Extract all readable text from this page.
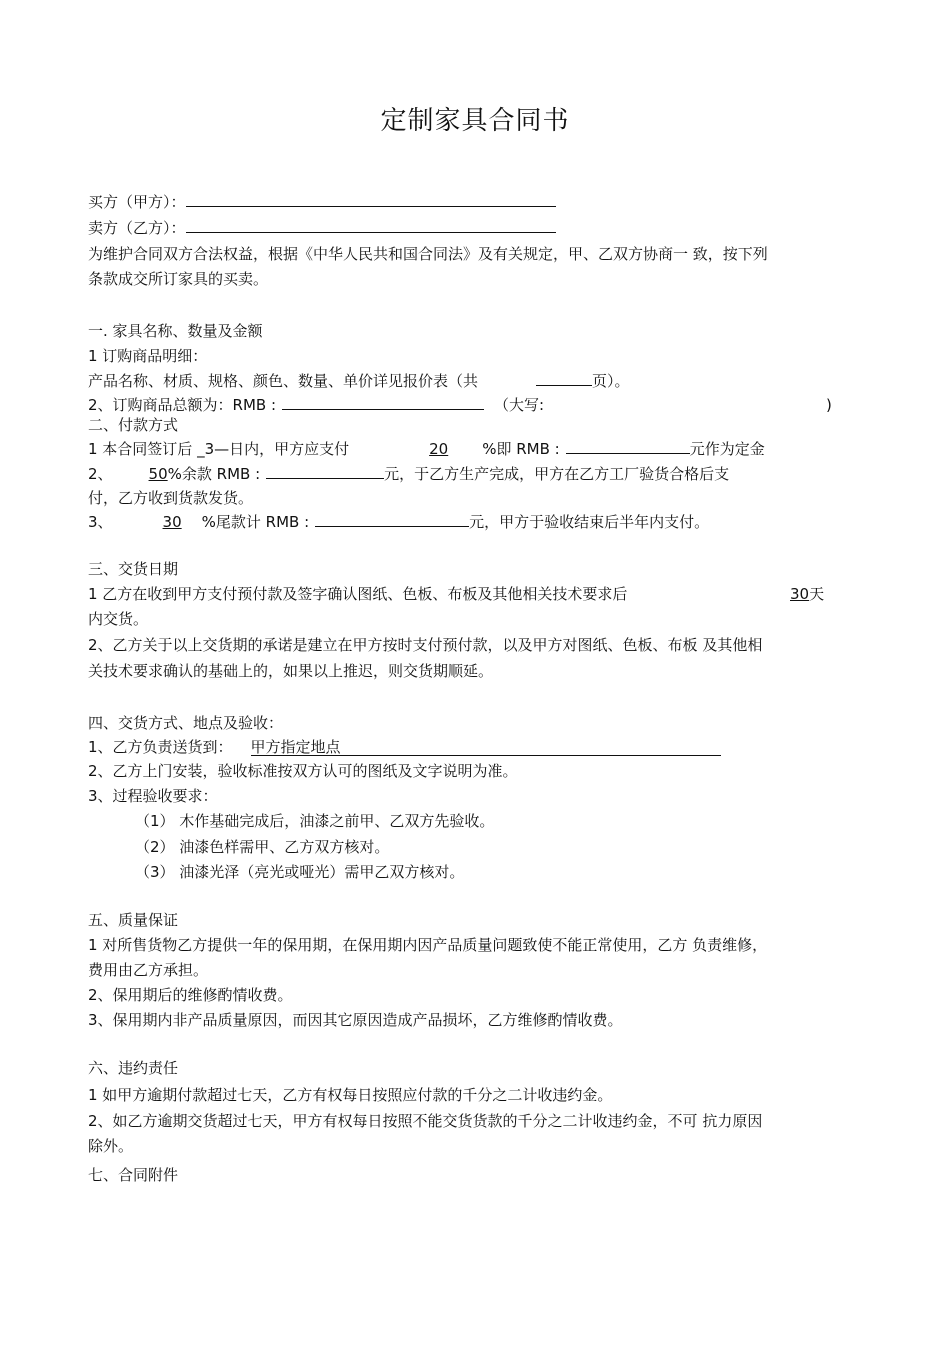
定制家具合同书
买方（甲方）：
卖方（乙方）：
为维护合同双方合法权益，根据《中华人民共和国合同法》及有关规定，甲、乙双方协商一 致，按下列
条款成交所订家具的买卖。
一. 家具名称、数量及金额
1 订购商品明细：
产品名称、材质、规格、颜色、数量、单价详见报价表（共	页）。
2、订购商品总额为：RMB :	（大写:	)
二、付款方式
1 本合同签订后 _3—日内，甲方应支付	20 %即 RMB :	元作为定金
2、 50%余款 RMB :	元，于乙方生产完成，甲方在乙方工厂验货合格后支
付，乙方收到货款发货。
3、	30 %尾款计 RMB :	元，甲方于验收结束后半年内支付。
三、交货日期
1 乙方在收到甲方支付预付款及签字确认图纸、色板、布板及其他相关技术要求后	30天
内交货。
2、乙方关于以上交货期的承诺是建立在甲方按时支付预付款，以及甲方对图纸、色板、布板 及其他相
关技术要求确认的基础上的，如果以上推迟，则交货期顺延。
四、交货方式、地点及验收：
1、乙方负责送货到： 甲方指定地点
2、乙方上门安装，验收标准按双方认可的图纸及文字说明为准。
3、过程验收要求：
（1） 木作基础完成后，油漆之前甲、乙双方先验收。
（2） 油漆色样需甲、乙方双方核对。
（3） 油漆光泽（亮光或哑光）需甲乙双方核对。
五、质量保证
1 对所售货物乙方提供一年的保用期，在保用期内因产品质量问题致使不能正常使用，乙方 负责维修，
费用由乙方承担。
2、保用期后的维修酌情收费。
3、保用期内非产品质量原因，而因其它原因造成产品损坏，乙方维修酌情收费。
六、违约责任
1 如甲方逾期付款超过七天，乙方有权每日按照应付款的千分之二计收违约金。
2、如乙方逾期交货超过七天，甲方有权每日按照不能交货货款的千分之二计收违约金，不可 抗力原因
除外。
七、合同附件
